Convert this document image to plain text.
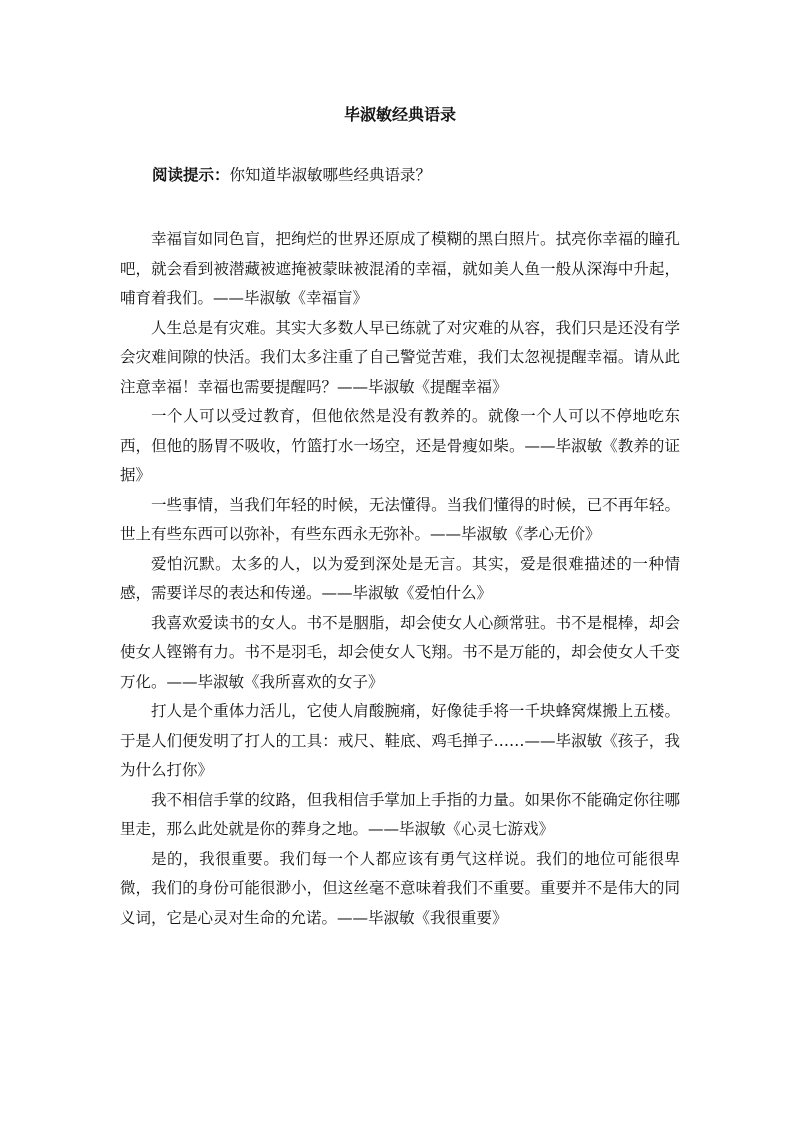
毕淑敏经典语录
阅读提示：你知道毕淑敏哪些经典语录？

幸福盲如同色盲，把绚烂的世界还原成了模糊的黑白照片。拭亮你幸福的瞳孔吧，就会看到被潜藏被遮掩被蒙昧被混淆的幸福，就如美人鱼一般从深海中升起，哺育着我们。——毕淑敏《幸福盲》

人生总是有灾难。其实大多数人早已练就了对灾难的从容，我们只是还没有学会灾难间隙的快活。我们太多注重了自己警觉苦难，我们太忽视提醒幸福。请从此注意幸福！幸福也需要提醒吗？——毕淑敏《提醒幸福》

一个人可以受过教育，但他依然是没有教养的。就像一个人可以不停地吃东西，但他的肠胃不吸收，竹篮打水一场空，还是骨瘦如柴。——毕淑敏《教养的证据》

一些事情，当我们年轻的时候，无法懂得。当我们懂得的时候，已不再年轻。世上有些东西可以弥补，有些东西永无弥补。——毕淑敏《孝心无价》

爱怕沉默。太多的人，以为爱到深处是无言。其实，爱是很难描述的一种情感，需要详尽的表达和传递。——毕淑敏《爱怕什么》

我喜欢爱读书的女人。书不是胭脂，却会使女人心颜常驻。书不是棍棒，却会使女人铿锵有力。书不是羽毛，却会使女人飞翔。书不是万能的，却会使女人千变万化。——毕淑敏《我所喜欢的女子》

打人是个重体力活儿，它使人肩酸腕痛，好像徒手将一千块蜂窝煤搬上五楼。于是人们便发明了打人的工具：戒尺、鞋底、鸡毛掸子……——毕淑敏《孩子，我为什么打你》

我不相信手掌的纹路，但我相信手掌加上手指的力量。如果你不能确定你往哪里走，那么此处就是你的葬身之地。——毕淑敏《心灵七游戏》

是的，我很重要。我们每一个人都应该有勇气这样说。我们的地位可能很卑微，我们的身份可能很渺小，但这丝毫不意味着我们不重要。重要并不是伟大的同义词，它是心灵对生命的允诺。——毕淑敏《我很重要》
